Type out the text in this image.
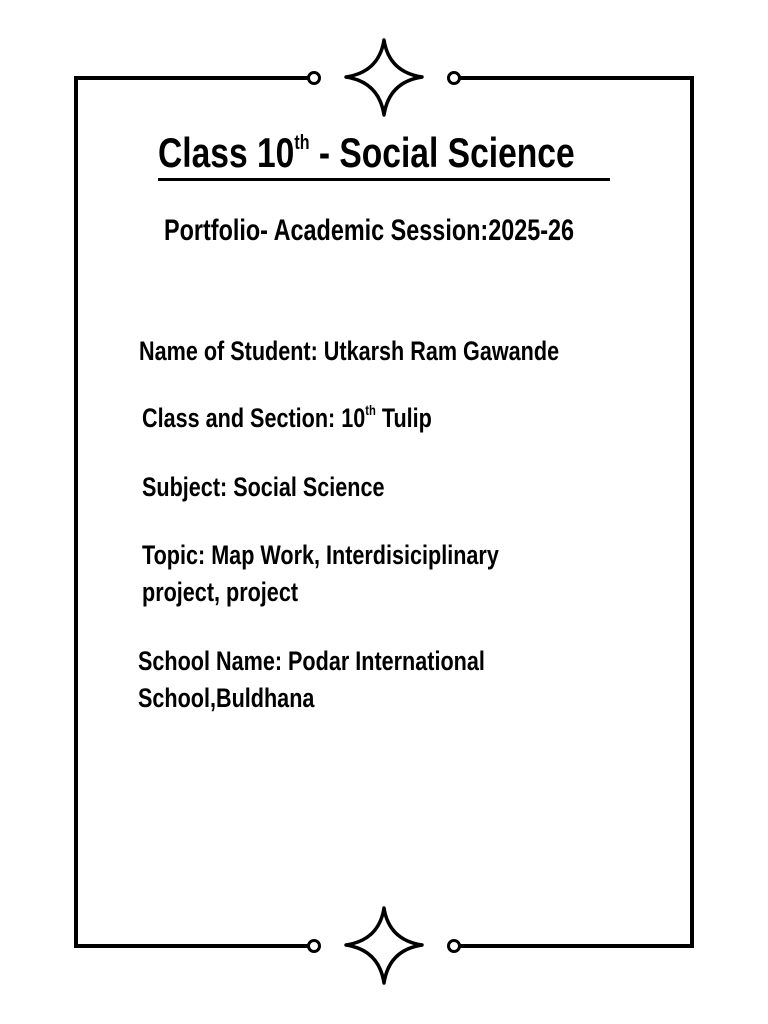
Class 10th - Social Science
Portfolio- Academic Session:2025-26
Name of Student: Utkarsh Ram Gawande
Class and Section: 10th Tulip
Subject: Social Science
Topic: Map Work, Interdisiciplinary
project, project
School Name: Podar International
School,Buldhana
